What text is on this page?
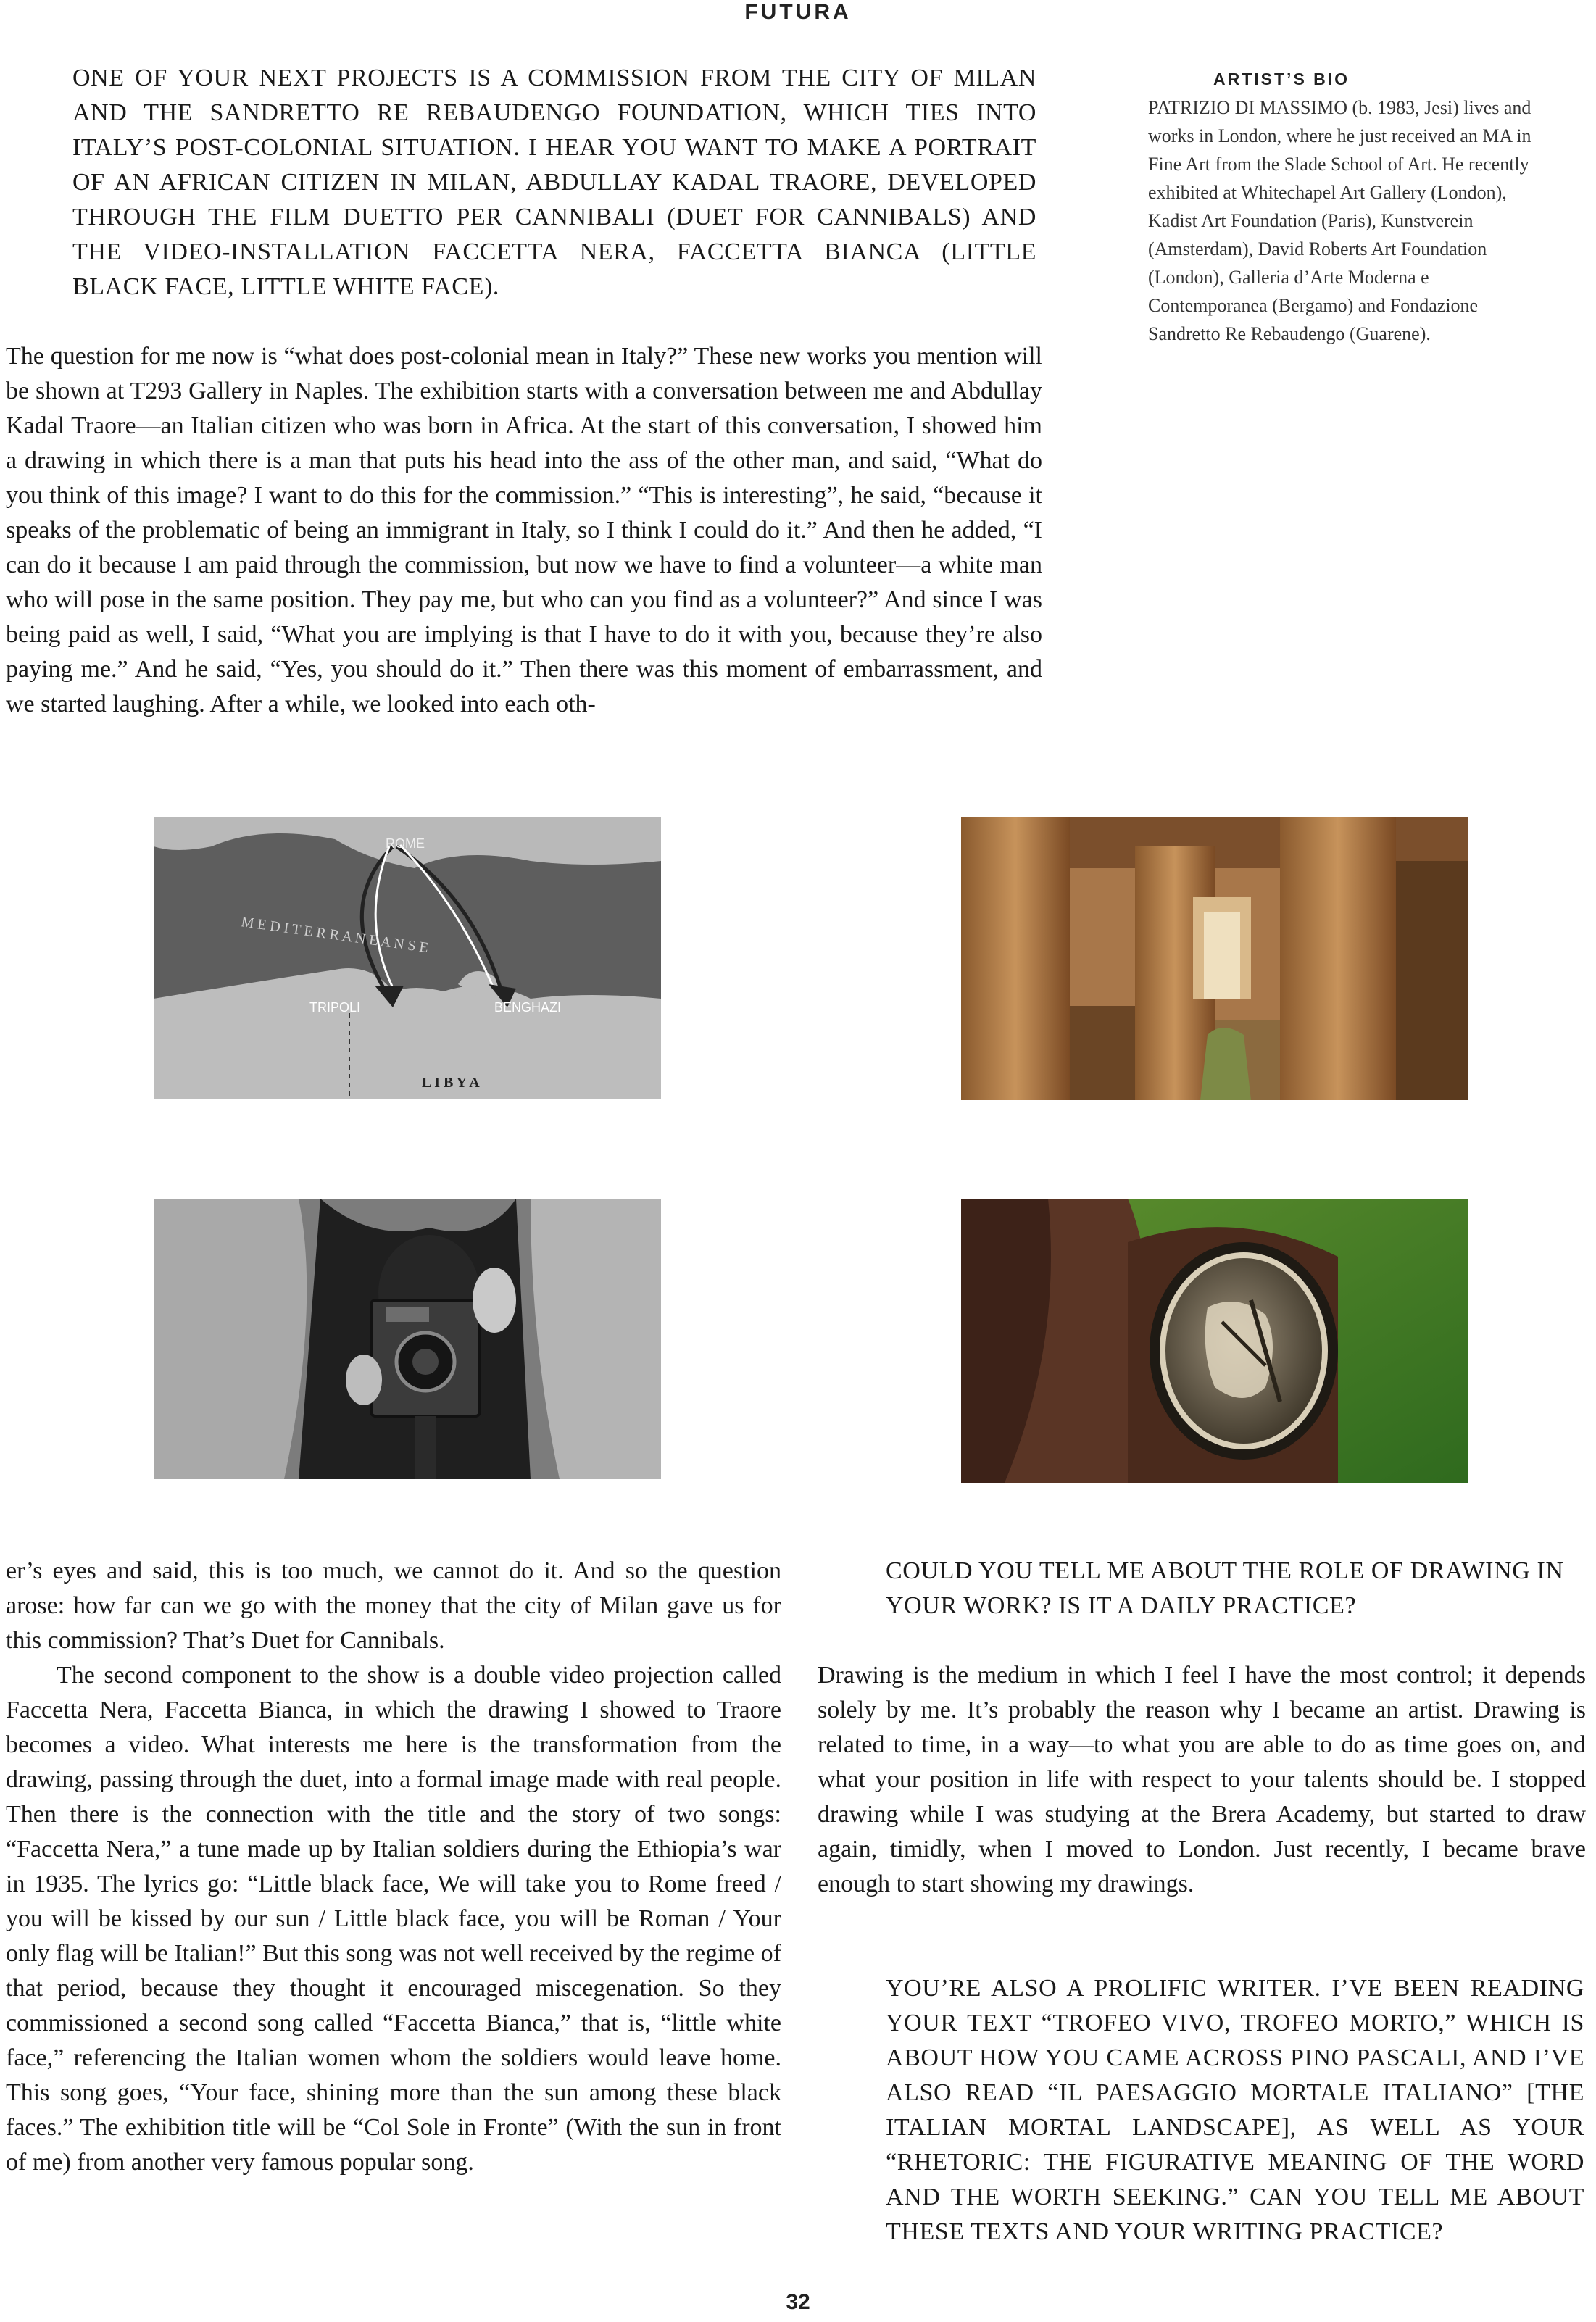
FUTURA

ONE OF YOUR NEXT PROJECTS IS A COMMISSION FROM THE CITY OF MILAN AND THE SANDRETTO RE REBAUDENGO FOUNDATION, WHICH TIES INTO ITALY’S POST-COLONIAL SITUATION. I HEAR YOU WANT TO MAKE A PORTRAIT OF AN AFRICAN CITIZEN IN MILAN, ABDULLAY KADAL TRAORE, DEVELOPED THROUGH THE FILM DUETTO PER CANNIBALI (DUET FOR CANNIBALS) AND THE VIDEO-INSTALLATION FACCETTA NERA, FACCETTA BIANCA (LITTLE BLACK FACE, LITTLE WHITE FACE).

ARTIST’S BIO

PATRIZIO DI MASSIMO (b. 1983, Jesi) lives and works in London, where he just received an MA in Fine Art from the Slade School of Art. He recently exhibited at Whitechapel Art Gallery (London), Kadist Art Foundation (Paris), Kunstverein (Amsterdam), David Roberts Art Foundation (London), Galleria d’Arte Moderna e Contemporanea (Bergamo) and Fondazione Sandretto Re Rebaudengo (Guarene).

The question for me now is “what does post-colonial mean in Italy?” These new works you mention will be shown at T293 Gallery in Naples. The exhibition starts with a conversation between me and Abdullay Kadal Traore—an Italian citizen who was born in Africa. At the start of this conversation, I showed him a drawing in which there is a man that puts his head into the ass of the other man, and said, “What do you think of this image? I want to do this for the commission.” “This is interesting”, he said, “because it speaks of the problematic of being an immigrant in Italy, so I think I could do it.” And then he added, “I can do it because I am paid through the commission, but now we have to find a volunteer—a white man who will pose in the same position. They pay me, but who can you find as a volunteer?” And since I was being paid as well, I said, “What you are implying is that I have to do it with you, because they’re also paying me.” And he said, “Yes, you should do it.” Then there was this moment of embarrassment, and we started laughing. After a while, we looked into each oth-

ROME
M E D I T E R R A N E A N S E
TRIPOLI	BENGHAZI
L I B Y A

er’s eyes and said, this is too much, we cannot do it. And so the question arose: how far can we go with the money that the city of Milan gave us for this commission? That’s Duet for Cannibals.

The second component to the show is a double video projection called Faccetta Nera, Faccetta Bianca, in which the drawing I showed to Traore becomes a video. What interests me here is the transformation from the drawing, passing through the duet, into a formal image made with real people. Then there is the connection with the title and the story of two songs: “Faccetta Nera,” a tune made up by Italian soldiers during the Ethiopia’s war in 1935. The lyrics go: “Little black face, We will take you to Rome freed / you will be kissed by our sun / Little black face, you will be Roman / Your only flag will be Italian!” But this song was not well received by the regime of that period, because they thought it encouraged miscegenation. So they commissioned a second song called “Faccetta Bianca,” that is, “little white face,” referencing the Italian women whom the soldiers would leave home. This song goes, “Your face, shining more than the sun among these black faces.” The exhibition title will be “Col Sole in Fronte” (With the sun in front of me) from another very famous popular song.

COULD YOU TELL ME ABOUT THE ROLE OF DRAWING IN YOUR WORK? IS IT A DAILY PRACTICE?

Drawing is the medium in which I feel I have the most control; it depends solely by me. It’s probably the reason why I became an artist. Drawing is related to time, in a way—to what you are able to do as time goes on, and what your position in life with respect to your talents should be. I stopped drawing while I was studying at the Brera Academy, but started to draw again, timidly, when I moved to London. Just recently, I became brave enough to start showing my drawings.

YOU’RE ALSO A PROLIFIC WRITER. I’VE BEEN READING YOUR TEXT “TROFEO VIVO, TROFEO MORTO,” WHICH IS ABOUT HOW YOU CAME ACROSS PINO PASCALI, AND I’VE ALSO READ “IL PAESAGGIO MORTALE ITALIANO” [THE ITALIAN MORTAL LANDSCAPE], AS WELL AS YOUR “RHETORIC: THE FIGURATIVE MEANING OF THE WORD AND THE WORTH SEEKING.” CAN YOU TELL ME ABOUT THESE TEXTS AND YOUR WRITING PRACTICE?

32
